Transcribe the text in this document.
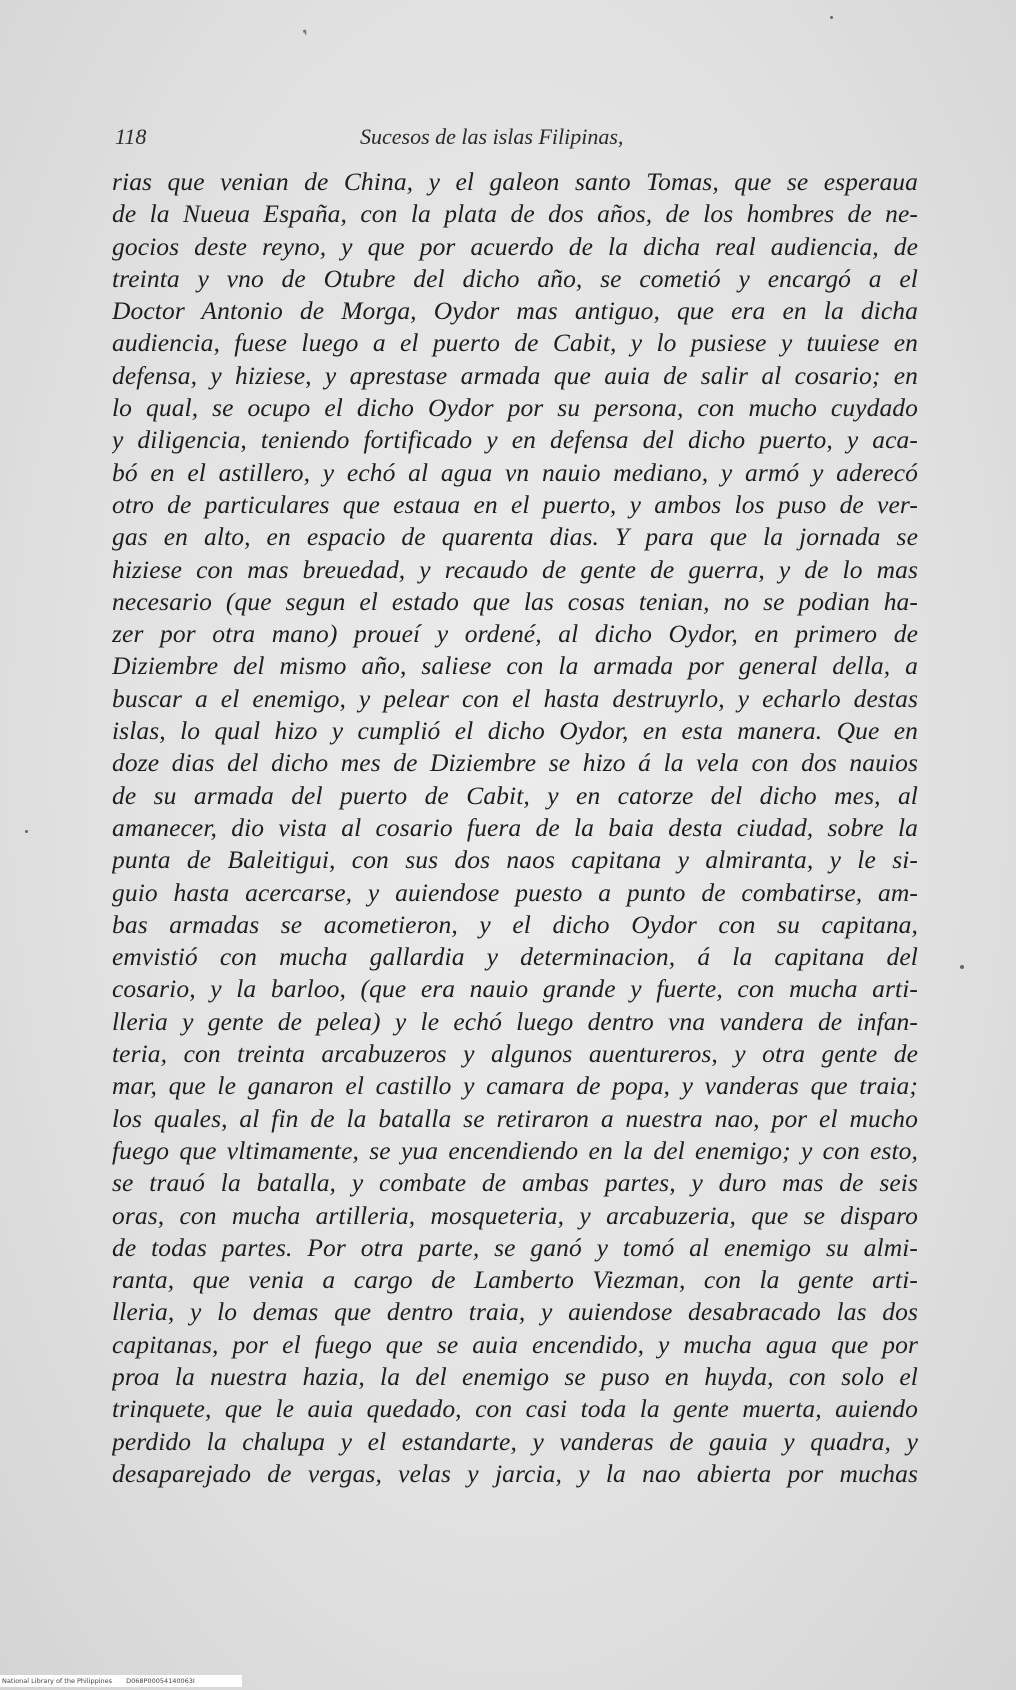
❜
118	Sucesos de las islas Filipinas,
rias que venian de China, y el galeon santo Tomas, que se esperaua
de la Nueua España, con la plata de dos años, de los hombres de ne-
gocios deste reyno, y que por acuerdo de la dicha real audiencia, de
treinta y vno de Otubre del dicho año, se cometió y encargó a el
Doctor Antonio de Morga, Oydor mas antiguo, que era en la dicha
audiencia, fuese luego a el puerto de Cabit, y lo pusiese y tuuiese en
defensa, y hiziese, y aprestase armada que auia de salir al cosario; en
lo qual, se ocupo el dicho Oydor por su persona, con mucho cuydado
y diligencia, teniendo fortificado y en defensa del dicho puerto, y aca-
bó en el astillero, y echó al agua vn nauio mediano, y armó y aderecó
otro de particulares que estaua en el puerto, y ambos los puso de ver-
gas en alto, en espacio de quarenta dias. Y para que la jornada se
hiziese con mas breuedad, y recaudo de gente de guerra, y de lo mas
necesario (que segun el estado que las cosas tenian, no se podian ha-
zer por otra mano) proueí y ordené, al dicho Oydor, en primero de
Diziembre del mismo año, saliese con la armada por general della, a
buscar a el enemigo, y pelear con el hasta destruyrlo, y echarlo destas
islas, lo qual hizo y cumplió el dicho Oydor, en esta manera. Que en
doze dias del dicho mes de Diziembre se hizo á la vela con dos nauios
de su armada del puerto de Cabit, y en catorze del dicho mes, al
amanecer, dio vista al cosario fuera de la baia desta ciudad, sobre la
punta de Baleitigui, con sus dos naos capitana y almiranta, y le si-
guio hasta acercarse, y auiendose puesto a punto de combatirse, am-
bas armadas se acometieron, y el dicho Oydor con su capitana,
emvistió con mucha gallardia y determinacion, á la capitana del
cosario, y la barloo, (que era nauio grande y fuerte, con mucha arti-
lleria y gente de pelea) y le echó luego dentro vna vandera de infan-
teria, con treinta arcabuzeros y algunos auentureros, y otra gente de
mar, que le ganaron el castillo y camara de popa, y vanderas que traia;
los quales, al fin de la batalla se retiraron a nuestra nao, por el mucho
fuego que vltimamente, se yua encendiendo en la del enemigo; y con esto,
se trauó la batalla, y combate de ambas partes, y duro mas de seis
oras, con mucha artilleria, mosqueteria, y arcabuzeria, que se disparo
de todas partes. Por otra parte, se ganó y tomó al enemigo su almi-
ranta, que venia a cargo de Lamberto Viezman, con la gente arti-
lleria, y lo demas que dentro traia, y auiendose desabracado las dos
capitanas, por el fuego que se auia encendido, y mucha agua que por
proa la nuestra hazia, la del enemigo se puso en huyda, con solo el
trinquete, que le auia quedado, con casi toda la gente muerta, auiendo
perdido la chalupa y el estandarte, y vanderas de gauia y quadra, y
desaparejado de vergas, velas y jarcia, y la nao abierta por muchas
National Library of the Philippines D068P00054140063I
